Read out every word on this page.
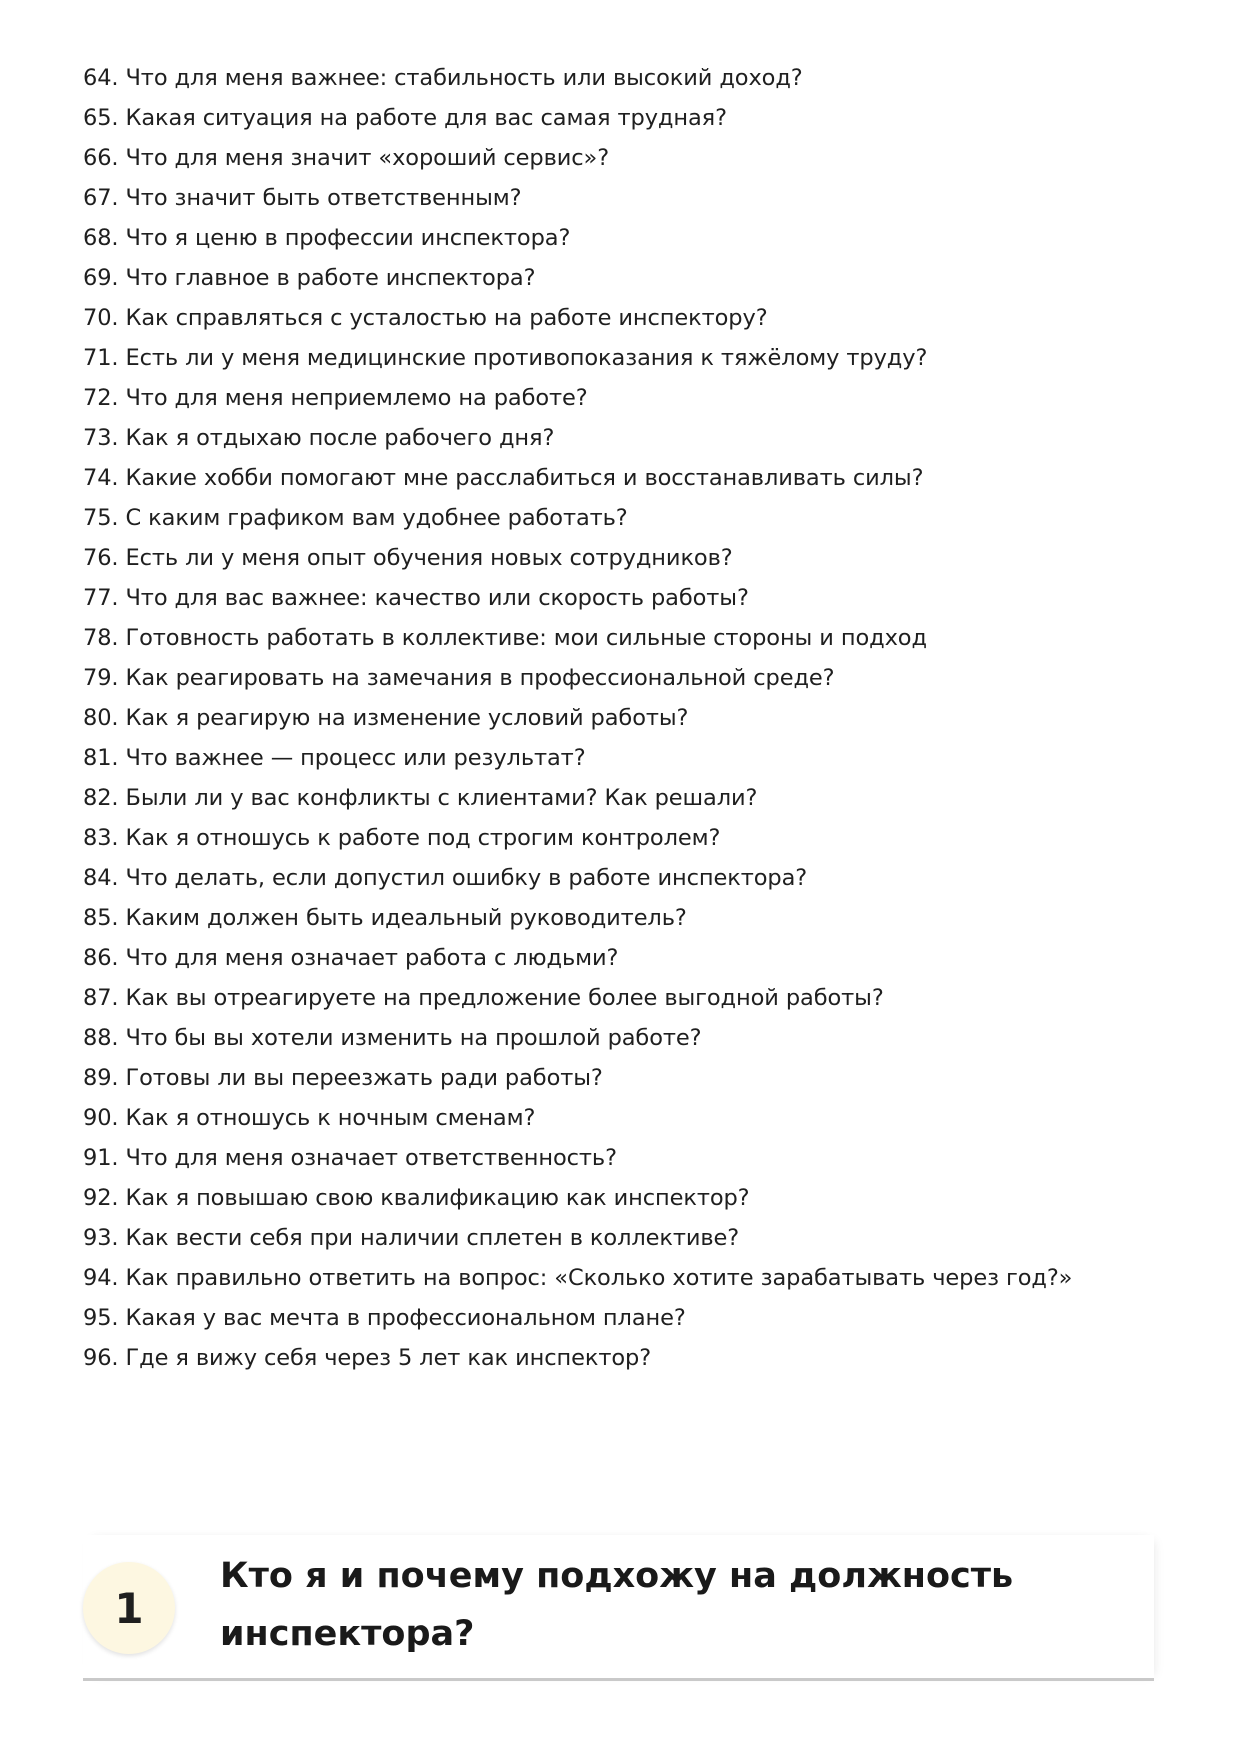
64. Что для меня важнее: стабильность или высокий доход?
65. Какая ситуация на работе для вас самая трудная?
66. Что для меня значит «хороший сервис»?
67. Что значит быть ответственным?
68. Что я ценю в профессии инспектора?
69. Что главное в работе инспектора?
70. Как справляться с усталостью на работе инспектору?
71. Есть ли у меня медицинские противопоказания к тяжёлому труду?
72. Что для меня неприемлемо на работе?
73. Как я отдыхаю после рабочего дня?
74. Какие хобби помогают мне расслабиться и восстанавливать силы?
75. С каким графиком вам удобнее работать?
76. Есть ли у меня опыт обучения новых сотрудников?
77. Что для вас важнее: качество или скорость работы?
78. Готовность работать в коллективе: мои сильные стороны и подход
79. Как реагировать на замечания в профессиональной среде?
80. Как я реагирую на изменение условий работы?
81. Что важнее — процесс или результат?
82. Были ли у вас конфликты с клиентами? Как решали?
83. Как я отношусь к работе под строгим контролем?
84. Что делать, если допустил ошибку в работе инспектора?
85. Каким должен быть идеальный руководитель?
86. Что для меня означает работа с людьми?
87. Как вы отреагируете на предложение более выгодной работы?
88. Что бы вы хотели изменить на прошлой работе?
89. Готовы ли вы переезжать ради работы?
90. Как я отношусь к ночным сменам?
91. Что для меня означает ответственность?
92. Как я повышаю свою квалификацию как инспектор?
93. Как вести себя при наличии сплетен в коллективе?
94. Как правильно ответить на вопрос: «Сколько хотите зарабатывать через год?»
95. Какая у вас мечта в профессиональном плане?
96. Где я вижу себя через 5 лет как инспектор?
1
Кто я и почему подхожу на должность инспектора?
